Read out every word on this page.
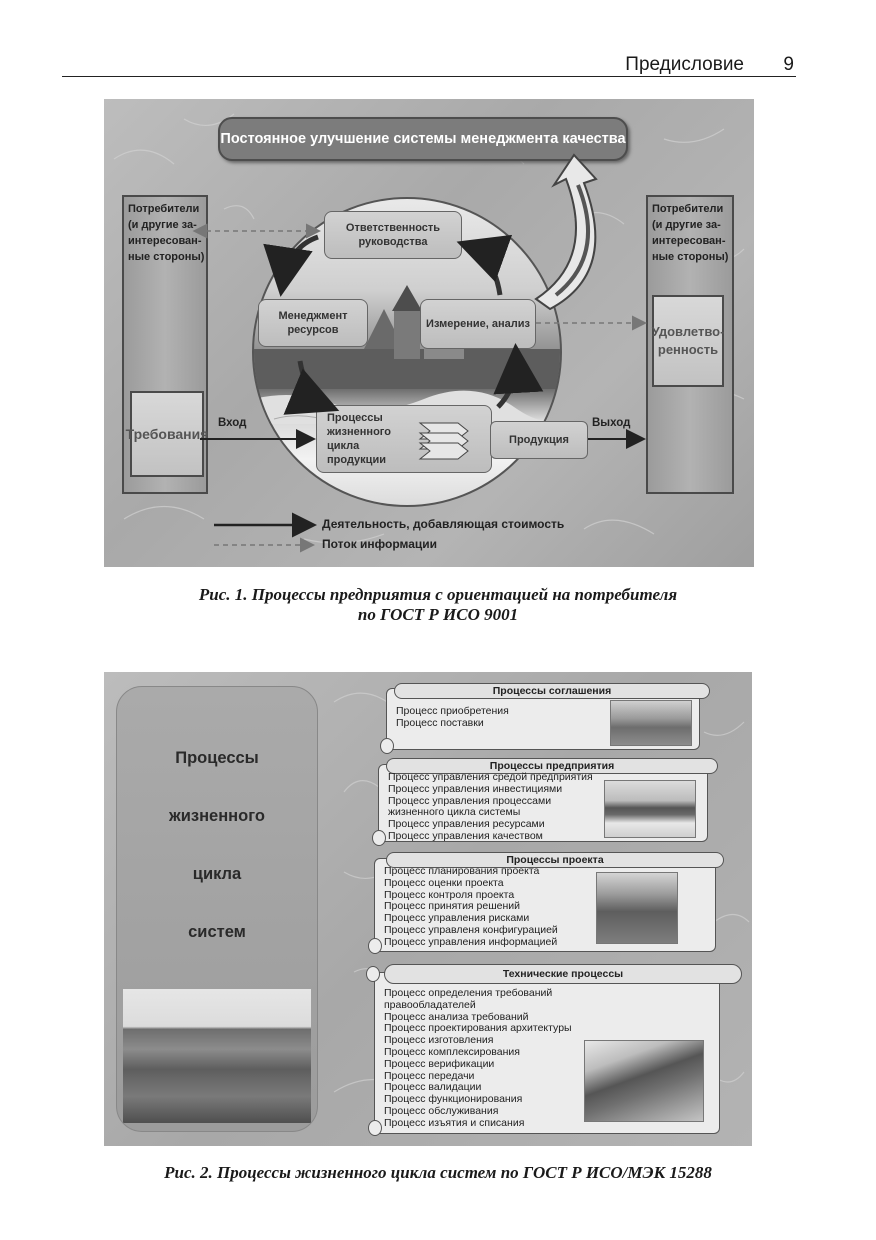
Предисловие 9
Постоянное улучшение системы менеджмента качества
Потребители (и другие за-интересован-ные стороны)
Требования
Потребители (и другие за-интересован-ные стороны)
Удовлетво-ренность
Ответственность руководства
Менеджмент ресурсов	Измерение, анализ
Процессы жизненного цикла продукции
Продукция
Вход	Выход
Деятельность, добавляющая стоимость
Поток информации
Рис. 1. Процессы предприятия с ориентацией на потребителя
по ГОСТ Р ИСО 9001
Процессы
жизненного
цикла
систем
Процессы соглашения
Процесс приобретения
Процесс поставки
Процессы предприятия
Процесс управления средой предприятия
Процесс управления инвестициями
Процесс управления процессами
жизненного цикла системы
Процесс управления ресурсами
Процесс управления качеством
Процессы проекта
Процесс планирования проекта
Процесс оценки проекта
Процесс контроля проекта
Процесс принятия решений
Процесс управления рисками
Процесс управленя конфигурацией
Процесс управления информацией
Технические процессы
Процесс определения требований
правообладателей
Процесс анализа требований
Процесс проектирования архитектуры
Процесс изготовления
Процесс комплексирования
Процесс верификации
Процесс передачи
Процесс валидации
Процесс функционирования
Процесс обслуживания
Процесс изъятия и списания
Рис. 2. Процессы жизненного цикла систем по ГОСТ Р ИСО/МЭК 15288
